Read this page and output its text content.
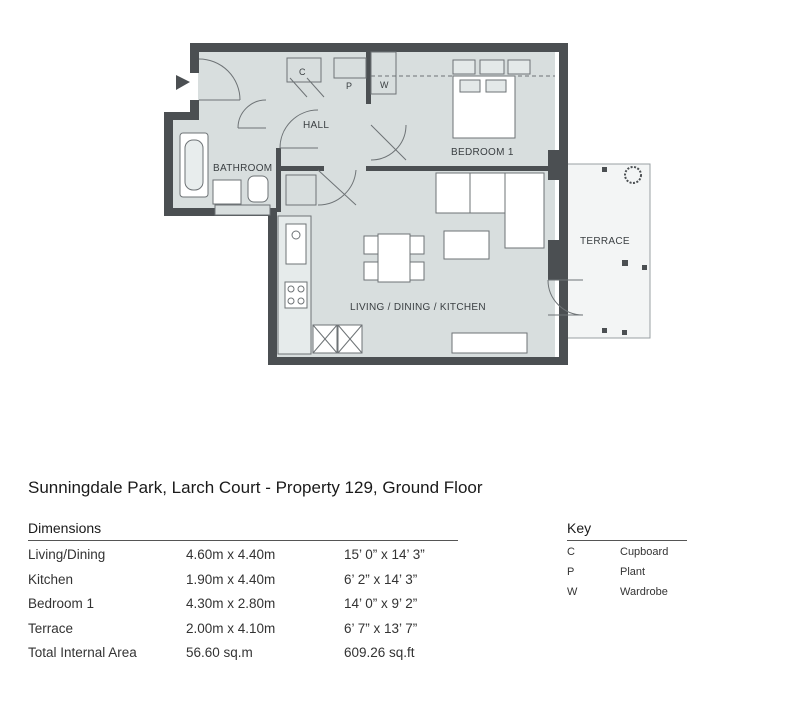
C
P	W
HALL
BATHROOM
BEDROOM 1
TERRACE
LIVING / DINING / KITCHEN
Sunningdale Park, Larch Court - Property 129, Ground Floor
Dimensions
Living/Dining	4.60m x 4.40m	15’ 0” x 14’ 3”
Kitchen	1.90m x 4.40m	6’ 2” x 14’ 3”
Bedroom 1	4.30m x 2.80m	14’ 0” x 9’ 2”
Terrace	2.00m x 4.10m	6’ 7” x 13’ 7”
Total Internal Area	56.60 sq.m	609.26 sq.ft
Key
C	Cupboard
P	Plant
W	Wardrobe
